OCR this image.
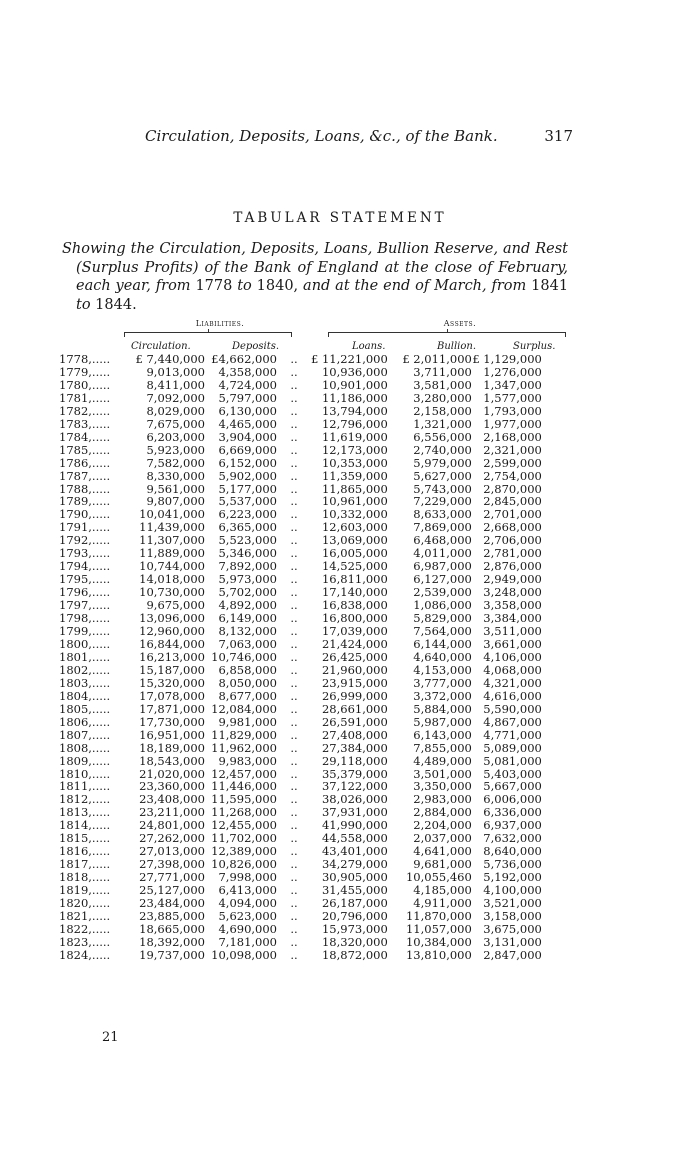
Circulation, Deposits, Loans, &c., of the Bank.	317
TABULAR STATEMENT
Showing the Circulation, Deposits, Loans, Bullion Reserve, and Rest (Surplus Profits) of the Bank of England at the close of February, each year, from 1778 to 1840, and at the end of March, from 1841 to 1844.
Liabilities.	Assets.
Circulation.	Deposits.	Loans.	Bullion.	Surplus.
1778,.....	£ 7,440,000	£4,662,000	..	£ 11,221,000	£ 2,011,000	£ 1,129,000
1779,.....	9,013,000	4,358,000	..	10,936,000	3,711,000	1,276,000
1780,.....	8,411,000	4,724,000	..	10,901,000	3,581,000	1,347,000
1781,.....	7,092,000	5,797,000	..	11,186,000	3,280,000	1,577,000
1782,.....	8,029,000	6,130,000	..	13,794,000	2,158,000	1,793,000
1783,.....	7,675,000	4,465,000	..	12,796,000	1,321,000	1,977,000
1784,.....	6,203,000	3,904,000	..	11,619,000	6,556,000	2,168,000
1785,.....	5,923,000	6,669,000	..	12,173,000	2,740,000	2,321,000
1786,.....	7,582,000	6,152,000	..	10,353,000	5,979,000	2,599,000
1787,.....	8,330,000	5,902,000	..	11,359,000	5,627,000	2,754,000
1788,.....	9,561,000	5,177,000	..	11,865,000	5,743,000	2,870,000
1789,.....	9,807,000	5,537,000	..	10,961,000	7,229,000	2,845,000
1790,.....	10,041,000	6,223,000	..	10,332,000	8,633,000	2,701,000
1791,.....	11,439,000	6,365,000	..	12,603,000	7,869,000	2,668,000
1792,.....	11,307,000	5,523,000	..	13,069,000	6,468,000	2,706,000
1793,.....	11,889,000	5,346,000	..	16,005,000	4,011,000	2,781,000
1794,.....	10,744,000	7,892,000	..	14,525,000	6,987,000	2,876,000
1795,.....	14,018,000	5,973,000	..	16,811,000	6,127,000	2,949,000
1796,.....	10,730,000	5,702,000	..	17,140,000	2,539,000	3,248,000
1797,.....	9,675,000	4,892,000	..	16,838,000	1,086,000	3,358,000
1798,.....	13,096,000	6,149,000	..	16,800,000	5,829,000	3,384,000
1799,.....	12,960,000	8,132,000	..	17,039,000	7,564,000	3,511,000
1800,.....	16,844,000	7,063,000	..	21,424,000	6,144,000	3,661,000
1801,.....	16,213,000	10,746,000	..	26,425,000	4,640,000	4,106,000
1802,.....	15,187,000	6,858,000	..	21,960,000	4,153,000	4,068,000
1803,.....	15,320,000	8,050,000	..	23,915,000	3,777,000	4,321,000
1804,.....	17,078,000	8,677,000	..	26,999,000	3,372,000	4,616,000
1805,.....	17,871,000	12,084,000	..	28,661,000	5,884,000	5,590,000
1806,.....	17,730,000	9,981,000	..	26,591,000	5,987,000	4,867,000
1807,.....	16,951,000	11,829,000	..	27,408,000	6,143,000	4,771,000
1808,.....	18,189,000	11,962,000	..	27,384,000	7,855,000	5,089,000
1809,.....	18,543,000	9,983,000	..	29,118,000	4,489,000	5,081,000
1810,.....	21,020,000	12,457,000	..	35,379,000	3,501,000	5,403,000
1811,.....	23,360,000	11,446,000	..	37,122,000	3,350,000	5,667,000
1812,.....	23,408,000	11,595,000	..	38,026,000	2,983,000	6,006,000
1813,.....	23,211,000	11,268,000	..	37,931,000	2,884,000	6,336,000
1814,.....	24,801,000	12,455,000	..	41,990,000	2,204,000	6,937,000
1815,.....	27,262,000	11,702,000	..	44,558,000	2,037,000	7,632,000
1816,.....	27,013,000	12,389,000	..	43,401,000	4,641,000	8,640,000
1817,.....	27,398,000	10,826,000	..	34,279,000	9,681,000	5,736,000
1818,.....	27,771,000	7,998,000	..	30,905,000	10,055,460	5,192,000
1819,.....	25,127,000	6,413,000	..	31,455,000	4,185,000	4,100,000
1820,.....	23,484,000	4,094,000	..	26,187,000	4,911,000	3,521,000
1821,.....	23,885,000	5,623,000	..	20,796,000	11,870,000	3,158,000
1822,.....	18,665,000	4,690,000	..	15,973,000	11,057,000	3,675,000
1823,.....	18,392,000	7,181,000	..	18,320,000	10,384,000	3,131,000
1824,.....	19,737,000	10,098,000	..	18,872,000	13,810,000	2,847,000
21
